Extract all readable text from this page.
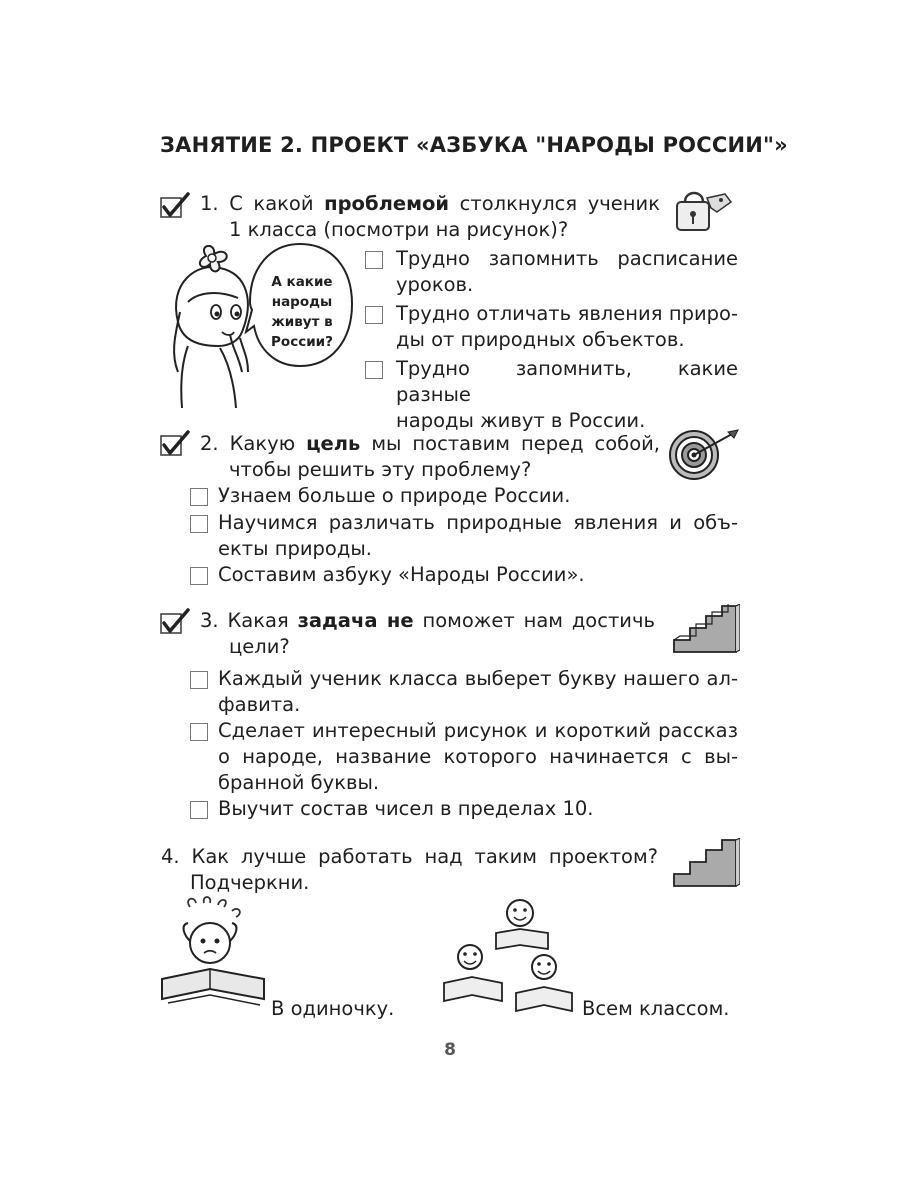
ЗАНЯТИЕ 2. ПРОЕКТ «АЗБУКА "НАРОДЫ РОССИИ"»
1. С какой проблемой столкнулся ученик
1 класса (посмотри на рисунок)?
А какие
народы
живут в
России?
Трудно запомнить расписание
уроков.
Трудно отличать явления приро-
ды от природных объектов.
Трудно запомнить, какие разные
народы живут в России.
2. Какую цель мы поставим перед собой,
чтобы решить эту проблему?
Узнаем больше о природе России.
Научимся различать природные явления и объ-
екты природы.
Составим азбуку «Народы России».
3. Какая задача не поможет нам достичь
цели?
Каждый ученик класса выберет букву нашего ал-
фавита.
Сделает интересный рисунок и короткий рассказ
о народе, название которого начинается с вы-
бранной буквы.
Выучит состав чисел в пределах 10.
4. Как лучше работать над таким проектом?
Подчеркни.
В одиночку.	Всем классом.
8
